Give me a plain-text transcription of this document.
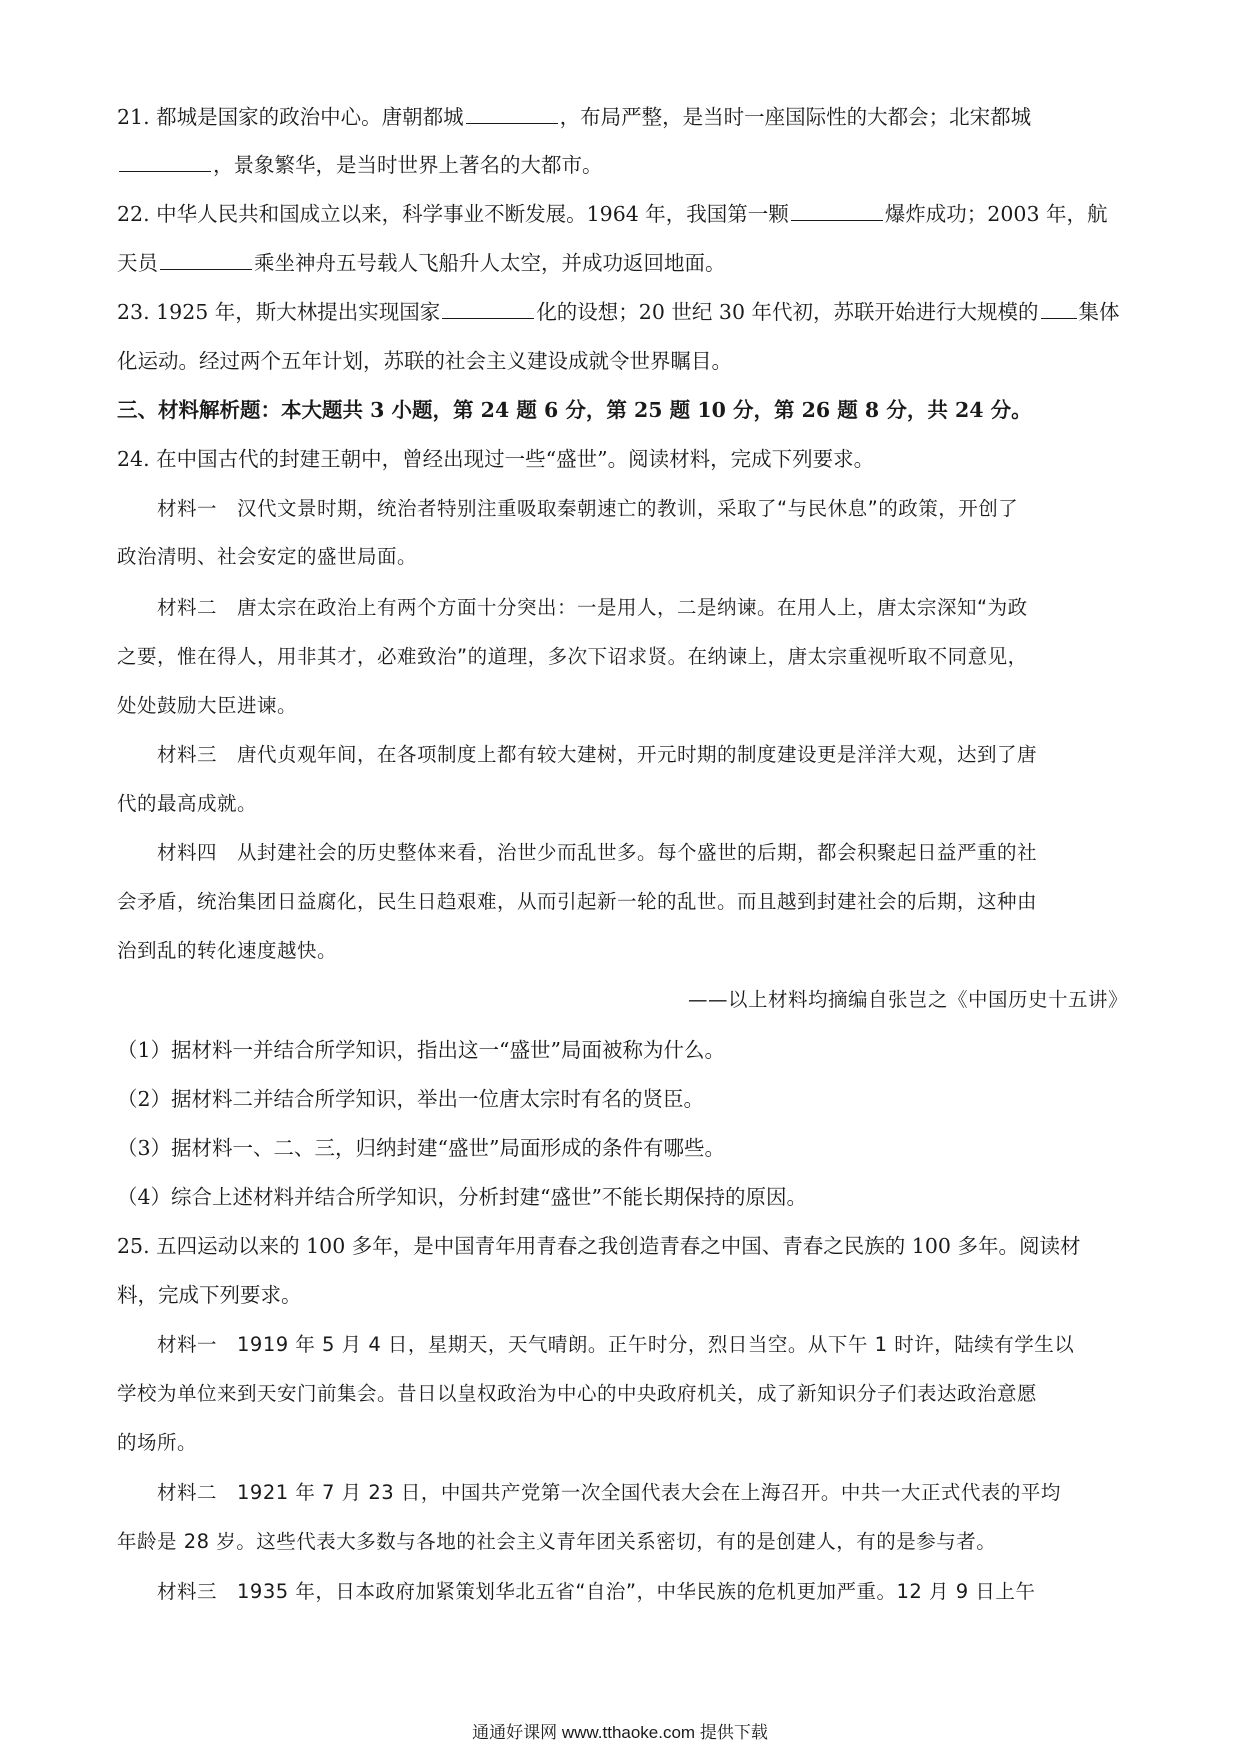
21. 都城是国家的政治中心。唐朝都城	，布局严整，是当时一座国际性的大都会；北宋都城
，景象繁华，是当时世界上著名的大都市。
22. 中华人民共和国成立以来，科学事业不断发展。1964 年，我国第一颗	爆炸成功；2003 年，航
天员	乘坐神舟五号载人飞船升人太空，并成功返回地面。
23. 1925 年，斯大林提出实现国家	化的设想；20 世纪 30 年代初，苏联开始进行大规模的 集体
化运动。经过两个五年计划，苏联的社会主义建设成就令世界瞩目。
三、材料解析题：本大题共 3 小题，第 24 题 6 分，第 25 题 10 分，第 26 题 8 分，共 24 分。
24. 在中国古代的封建王朝中，曾经出现过一些“盛世”。阅读材料，完成下列要求。
材料一　汉代文景时期，统治者特别注重吸取秦朝速亡的教训，采取了“与民休息”的政策，开创了
政治清明、社会安定的盛世局面。
材料二　唐太宗在政治上有两个方面十分突出：一是用人，二是纳谏。在用人上，唐太宗深知“为政
之要，惟在得人，用非其才，必难致治”的道理，多次下诏求贤。在纳谏上，唐太宗重视听取不同意见，
处处鼓励大臣进谏。
材料三　唐代贞观年间，在各项制度上都有较大建树，开元时期的制度建设更是洋洋大观，达到了唐
代的最高成就。
材料四　从封建社会的历史整体来看，治世少而乱世多。每个盛世的后期，都会积聚起日益严重的社
会矛盾，统治集团日益腐化，民生日趋艰难，从而引起新一轮的乱世。而且越到封建社会的后期，这种由
治到乱的转化速度越快。
——以上材料均摘编自张岂之《中国历史十五讲》
（1）据材料一并结合所学知识，指出这一“盛世”局面被称为什么。
（2）据材料二并结合所学知识，举出一位唐太宗时有名的贤臣。
（3）据材料一、二、三，归纳封建“盛世”局面形成的条件有哪些。
（4）综合上述材料并结合所学知识，分析封建“盛世”不能长期保持的原因。
25. 五四运动以来的 100 多年，是中国青年用青春之我创造青春之中国、青春之民族的 100 多年。阅读材
料，完成下列要求。
材料一　1919 年 5 月 4 日，星期天，天气晴朗。正午时分，烈日当空。从下午 1 时许，陆续有学生以
学校为单位来到天安门前集会。昔日以皇权政治为中心的中央政府机关，成了新知识分子们表达政治意愿
的场所。
材料二　1921 年 7 月 23 日，中国共产党第一次全国代表大会在上海召开。中共一大正式代表的平均
年龄是 28 岁。这些代表大多数与各地的社会主义青年团关系密切，有的是创建人，有的是参与者。
材料三　1935 年，日本政府加紧策划华北五省“自治”，中华民族的危机更加严重。12 月 9 日上午
通通好课网 www.tthaoke.com 提供下载
